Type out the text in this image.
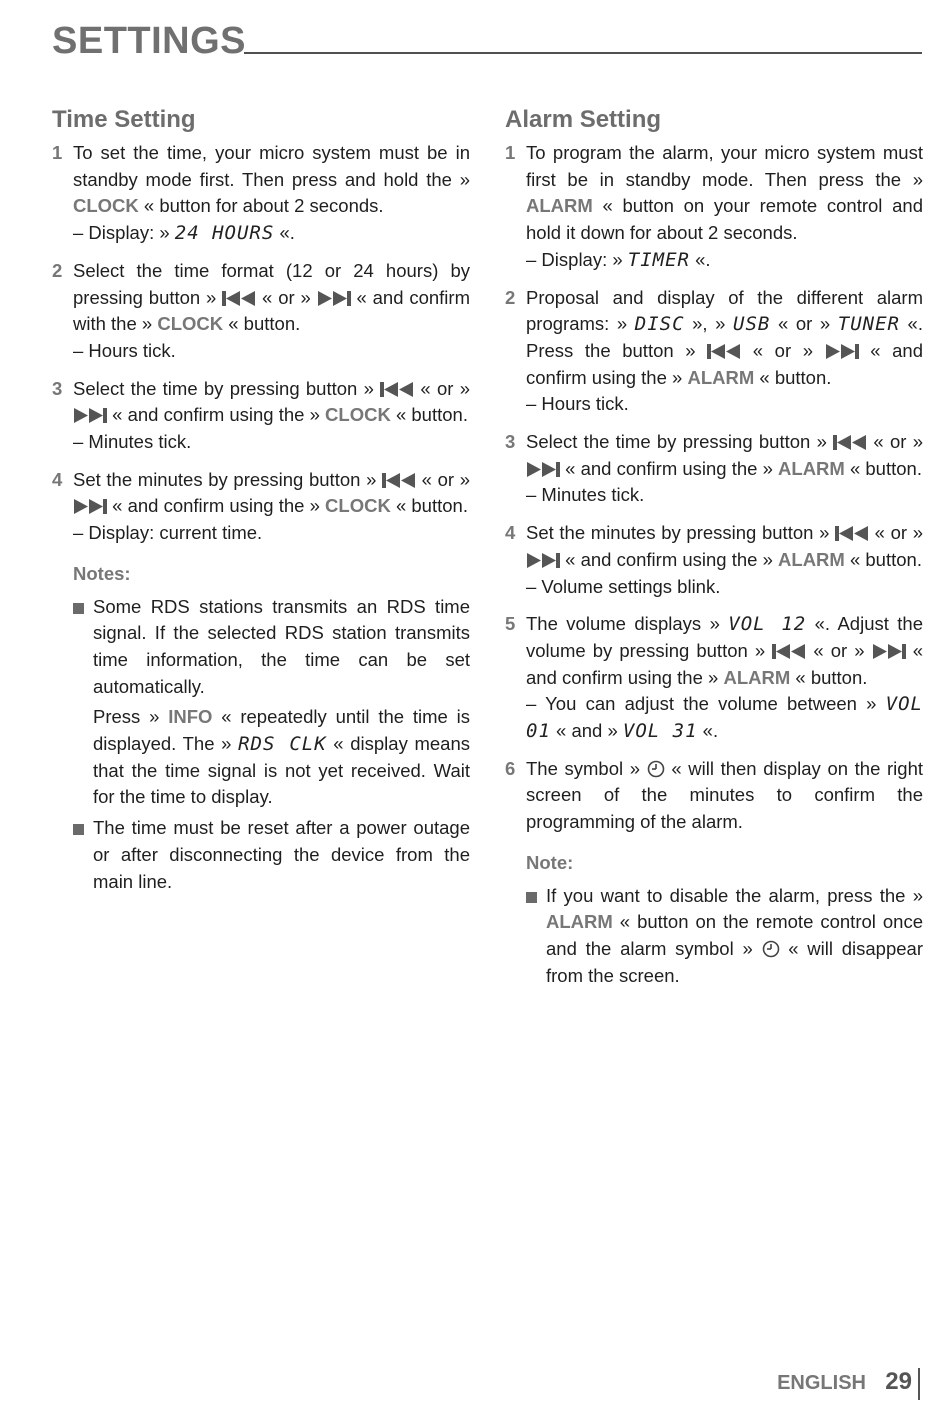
SETTINGS
Time Setting
1 To set the time, your micro system must be in standby mode first. Then press and hold the » CLOCK « button for about 2 seconds.
– Display: » 24 HOURS «.
2 Select the time format (12 or 24 hours) by pressing button »  « or »  « and confirm with the » CLOCK « button.
– Hours tick.
3 Select the time by pressing button »  « or »  « and confirm using the » CLOCK « button.
– Minutes tick.
4 Set the minutes by pressing button »  « or »  « and confirm using the » CLOCK « button.
– Display: current time.
Notes:

Some RDS stations transmits an RDS time signal. If the selected RDS station transmits time information, the time can be set automatically.

Press » INFO « repeatedly until the time is displayed. The » RDS CLK « display means that the time signal is not yet received. Wait for the time to display.

The time must be reset after a power outage or after disconnecting the device from the main line.

Alarm Setting
1 To program the alarm, your micro system must first be in standby mode. Then press the » ALARM « button on your remote control and hold it down for about 2 seconds.
– Display: » TIMER «.
2 Proposal and display of the different alarm programs: » DISC », » USB « or » TUNER «. Press the button »  « or »  « and confirm using the » ALARM « button.
– Hours tick.
3 Select the time by pressing button »  « or »  « and confirm using the » ALARM « button.
– Minutes tick.
4 Set the minutes by pressing button »  « or »  « and confirm using the » ALARM « button.
– Volume settings blink.
5 The volume displays » VOL 12 «. Adjust the volume by pressing button »  « or »  « and confirm using the » ALARM « button.
– You can adjust the volume between » VOL 01 « and » VOL 31 «.
6 The symbol »  « will then display on the right screen of the minutes to confirm the programming of the alarm.
Note:

If you want to disable the alarm, press the » ALARM « button on the remote control once and the alarm symbol »  « will disappear from the screen.

ENGLISH 29
